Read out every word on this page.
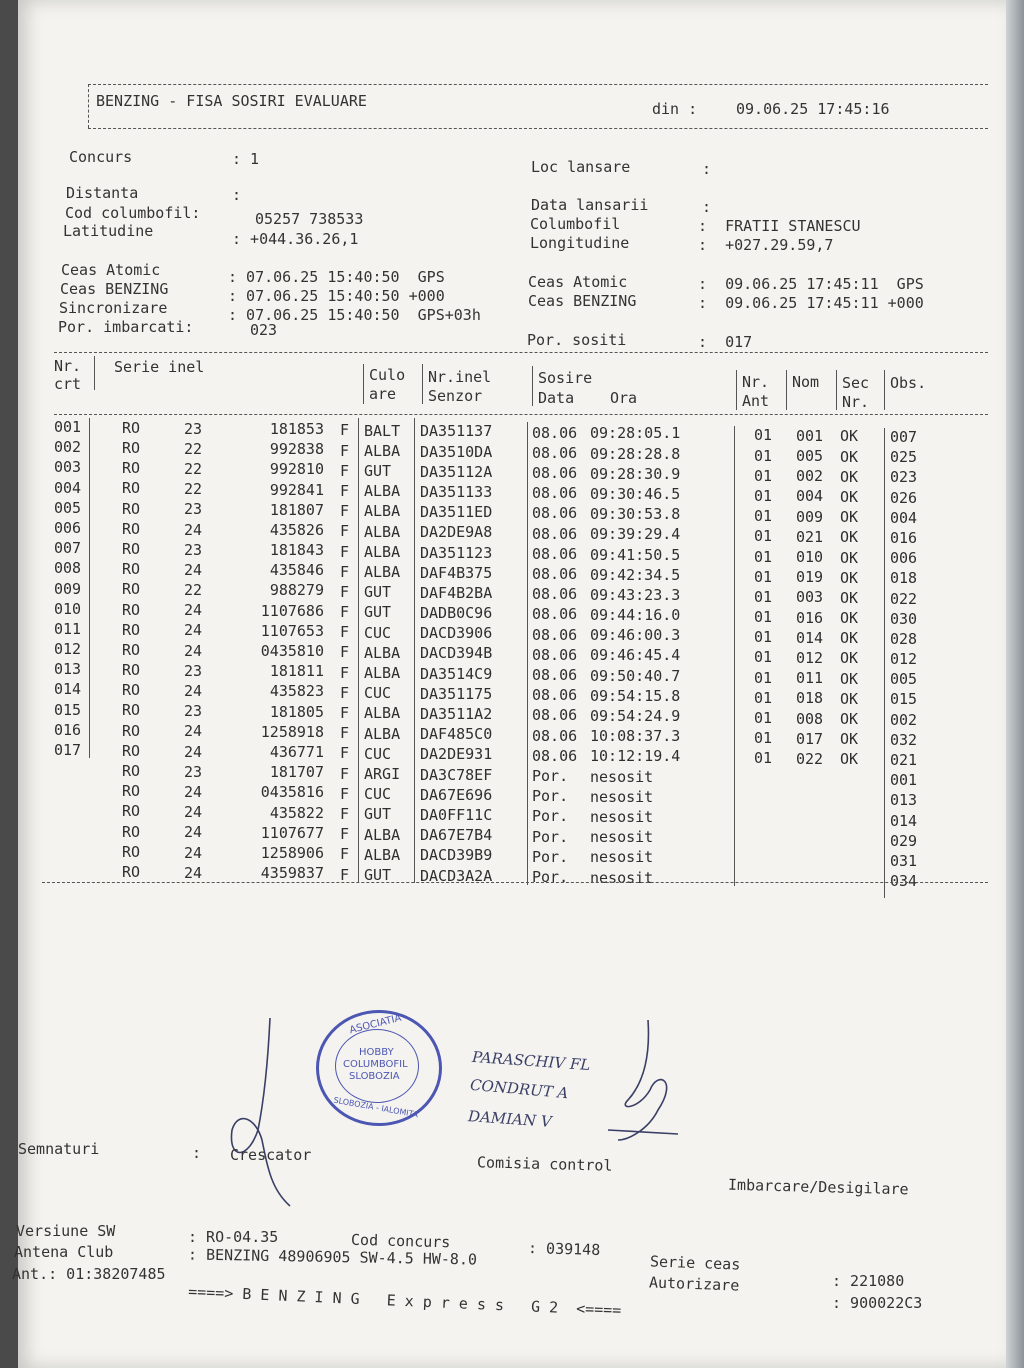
BENZING - FISA SOSIRI EVALUARE	din :	09.06.25 17:45:16
Concurs	: 1
Distanta	:
Cod columbofil:	05257 738533
Latitudine	: +044.36.26,1
Loc lansare	:
Data lansarii	:
Columbofil	:  FRATII STANESCU
Longitudine	:  +027.29.59,7
Ceas Atomic	: 07.06.25 15:40:50  GPS
Ceas BENZING	: 07.06.25 15:40:50 +000
Sincronizare	: 07.06.25 15:40:50  GPS+03h
Por. imbarcati:	023
Ceas Atomic	:  09.06.25 17:45:11  GPS
Ceas BENZING	:  09.06.25 17:45:11 +000
Por. sositi	:  017
Nr.
crt
Serie inel	Culo
are
Nr.inel
Senzor
Sosire
Data Ora
Nr.
Ant
Nom Sec
Nr.
Obs.
001	RO	23	181853 F BALT DA351137	08.06 09:28:05.1	01 001 OK 007
002	RO	22	992838 F ALBA DA3510DA	08.06 09:28:28.8	01 005 OK 025
003	RO	22	992810 F GUT DA35112A	08.06 09:28:30.9	01 002 OK 023
004	RO	22	992841 F ALBA DA351133	08.06 09:30:46.5	01 004 OK 026
005	RO	23	181807 F ALBA DA3511ED	08.06 09:30:53.8	01 009 OK 004
006	RO	24	435826 F ALBA DA2DE9A8	08.06 09:39:29.4	01 021 OK 016
007	RO	23	181843 F ALBA DA351123	08.06 09:41:50.5	01 010 OK 006
008	RO	24	435846 F ALBA DAF4B375	08.06 09:42:34.5	01 019 OK 018
009	RO	22	988279 F GUT DAF4B2BA	08.06 09:43:23.3	01 003 OK 022
010	RO	24	1107686 F GUT DADB0C96	08.06 09:44:16.0	01 016 OK 030
011	RO	24	1107653 F CUC DACD3906	08.06 09:46:00.3	01 014 OK 028
012	RO	24	0435810 F ALBA DACD394B	08.06 09:46:45.4	01 012 OK 012
013	RO	23	181811 F ALBA DA3514C9	08.06 09:50:40.7	01 011 OK 005
014	RO	24	435823 F CUC DA351175	08.06 09:54:15.8	01 018 OK 015
015	RO	23	181805 F ALBA DA3511A2	08.06 09:54:24.9	01 008 OK 002
016	RO	24	1258918 F ALBA DAF485C0	08.06 10:08:37.3	01 017 OK 032
017	RO	24	436771 F CUC DA2DE931	08.06 10:12:19.4	01 022 OK 021
RO	23	181707 F ARGI DA3C78EF	Por. nesosit	001
RO	24	0435816 F CUC DA67E696	Por. nesosit	013
RO	24	435822 F GUT DA0FF11C	Por. nesosit	014
RO	24	1107677 F ALBA DA67E7B4	Por. nesosit	029
RO	24	1258906 F ALBA DACD39B9	Por. nesosit	031
RO	24	4359837 F GUT DACD3A2A	Por. nesosit	034
ASOCIATIA
HOBBY
COLUMBOFIL
SLOBOZIA
SLOBOZIA - IALOMITA
PARASCHIV FL
CONDRUT A
DAMIAN V
Semnaturi	: Crescator	Comisia control
Imbarcare/Desigilare
Versiune SW	: RO-04.35	Cod concurs	: 039148
Antena Club	: BENZING 48906905 SW-4.5 HW-8.0
Ant.: 01:38207485
Serie ceas
: 221080
Autorizare
: 900022C3
====> B E N Z I N G   E x p r e s s   G 2  <====
